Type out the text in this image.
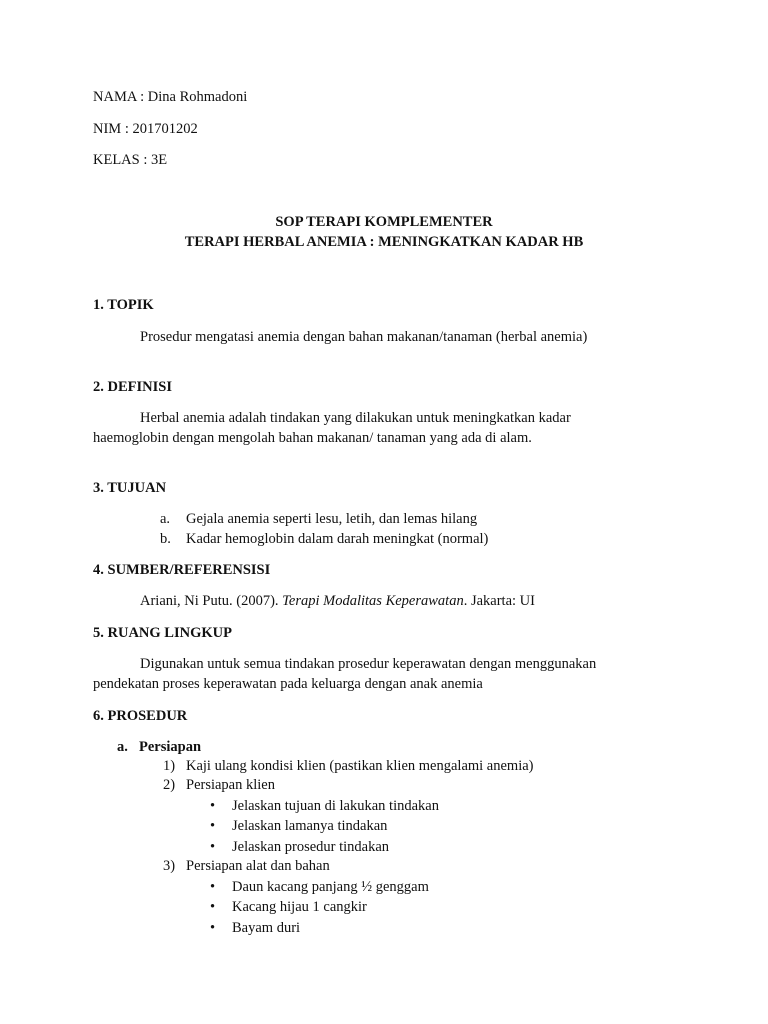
NAMA : Dina Rohmadoni
NIM : 201701202
KELAS : 3E
SOP TERAPI KOMPLEMENTER
TERAPI HERBAL ANEMIA : MENINGKATKAN KADAR HB
1. TOPIK
Prosedur mengatasi anemia dengan bahan makanan/tanaman (herbal anemia)
2. DEFINISI
Herbal anemia adalah tindakan yang dilakukan untuk meningkatkan kadar
haemoglobin dengan mengolah bahan makanan/ tanaman yang ada di alam.
3. TUJUAN
a. Gejala anemia seperti lesu, letih, dan lemas hilang
b. Kadar hemoglobin dalam darah meningkat (normal)
4. SUMBER/REFERENSISI
Ariani, Ni Putu. (2007). Terapi Modalitas Keperawatan. Jakarta: UI
5. RUANG LINGKUP
Digunakan untuk semua tindakan prosedur keperawatan dengan menggunakan
pendekatan proses keperawatan pada keluarga dengan anak anemia
6. PROSEDUR
a. Persiapan
1) Kaji ulang kondisi klien (pastikan klien mengalami anemia)
2) Persiapan klien
• Jelaskan tujuan di lakukan tindakan
• Jelaskan lamanya tindakan
• Jelaskan prosedur tindakan
3) Persiapan alat dan bahan
• Daun kacang panjang ½ genggam
• Kacang hijau 1 cangkir
• Bayam duri
